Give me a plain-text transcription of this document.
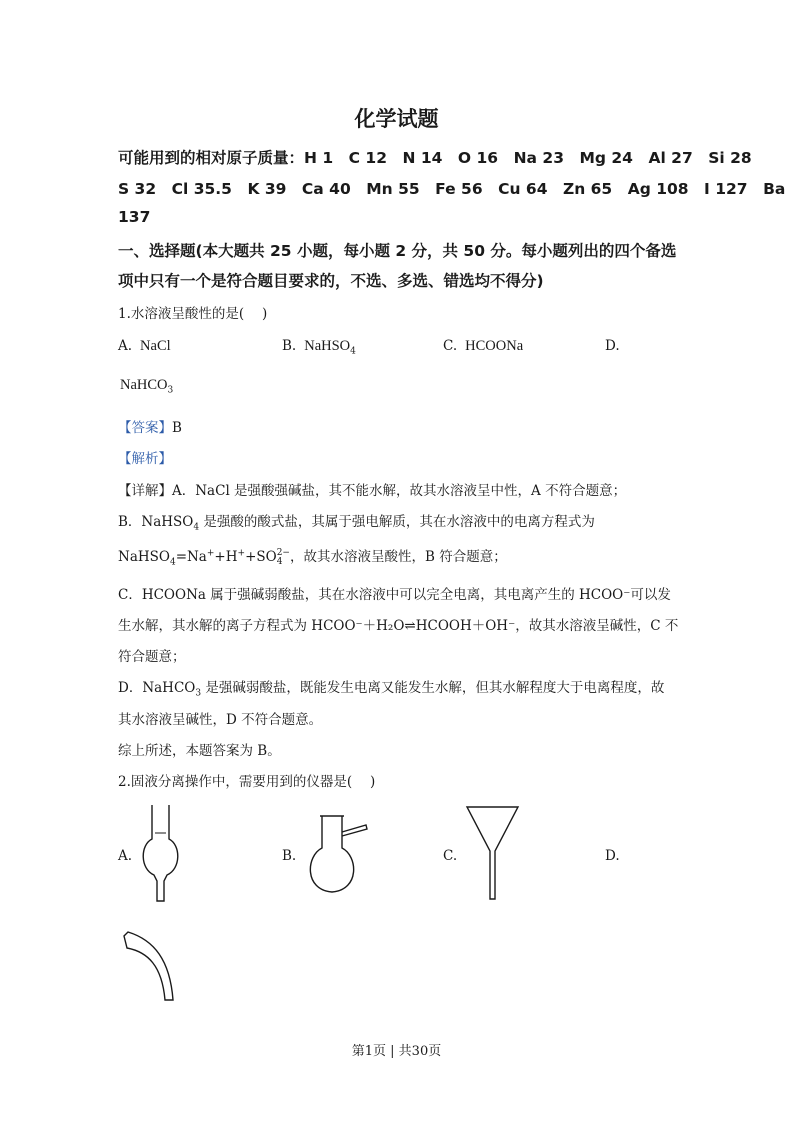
化学试题
可能用到的相对原子质量：H 1　C 12　N 14　O 16　Na 23　Mg 24　Al 27　Si 28
S 32　Cl 35.5　K 39　Ca 40　Mn 55　Fe 56　Cu 64　Zn 65　Ag 108　I 127　Ba
137
一、选择题(本大题共 25 小题，每小题 2 分，共 50 分。每小题列出的四个备选
项中只有一个是符合题目要求的，不选、多选、错选均不得分)
1.水溶液呈酸性的是(　 )
A. NaCl	B. NaHSO$_4$	C. HCOONa	D.
NaHCO$_3$
【答案】B
【解析】
【详解】A．NaCl 是强酸强碱盐，其不能水解，故其水溶液呈中性，A 不符合题意；
B．NaHSO$_4$ 是强酸的酸式盐，其属于强电解质，其在水溶液中的电离方程式为
NaHSO$_4$=Na++H++SO 2−
4 ，故其水溶液呈酸性，B 符合题意；
C．HCOONa 属于强碱弱酸盐，其在水溶液中可以完全电离，其电离产生的 HCOO⁻可以发
生水解，其水解的离子方程式为 HCOO⁻＋H₂O⇌HCOOH＋OH⁻，故其水溶液呈碱性，C 不
符合题意；
D．NaHCO$_3$ 是强碱弱酸盐，既能发生电离又能发生水解，但其水解程度大于电离程度，故
其水溶液呈碱性，D 不符合题意。
综上所述，本题答案为 B。
2.固液分离操作中，需要用到的仪器是(　 )
A.	B.	C.	D.
第1页 | 共30页
